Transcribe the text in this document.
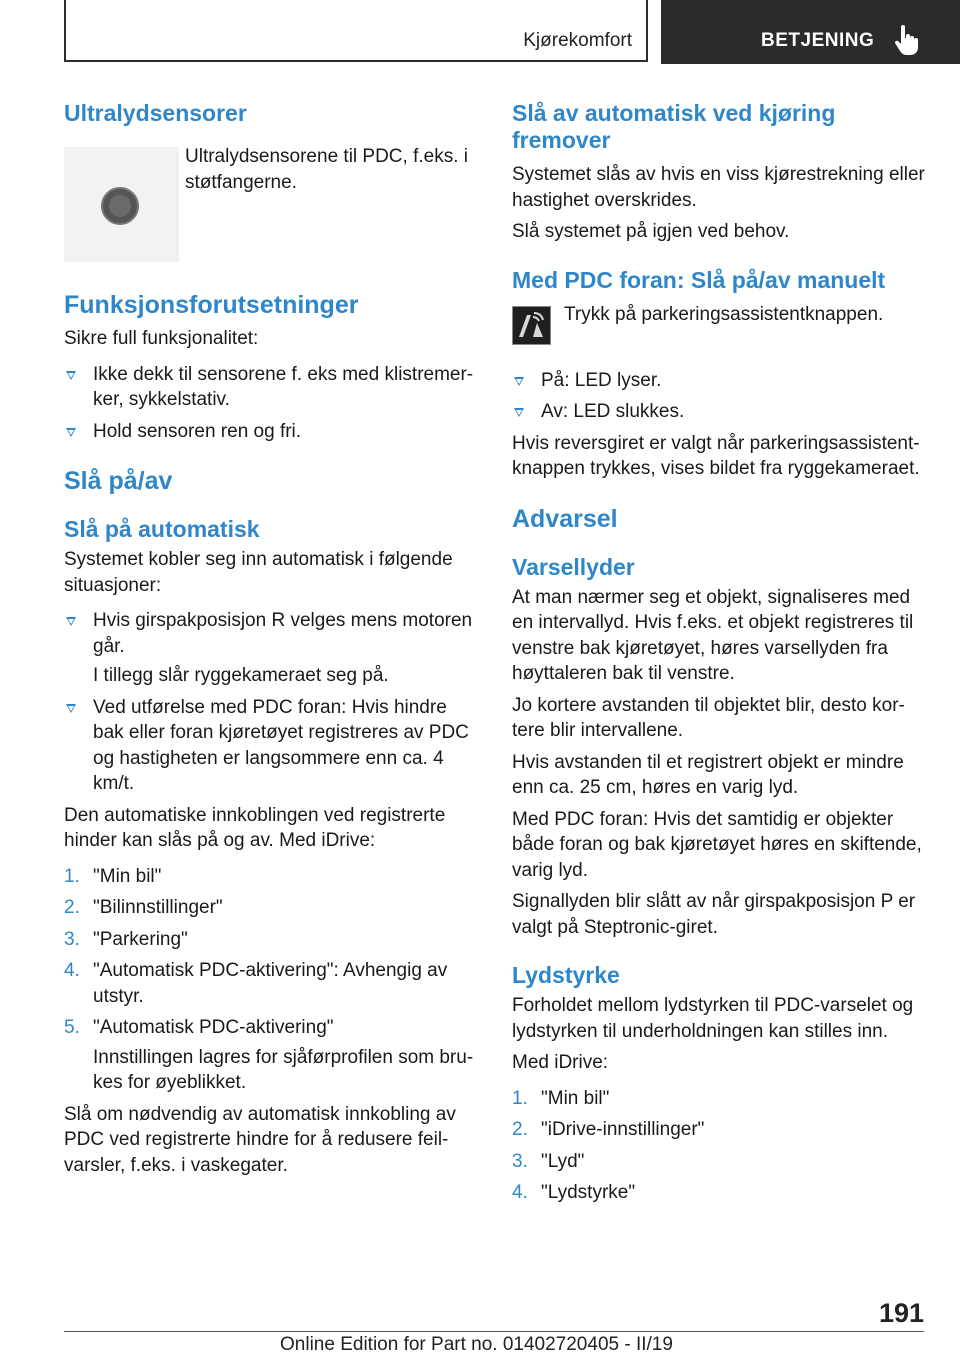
Kjørekomfort	BETJENING
Ultralydsensorer

Ultralydsensorene til PDC, f.eks. i støtfangerne.

Funksjonsforutsetninger

Sikre full funksjonalitet:

Ikke dekk til sensorene f. eks med klistremer-ker, sykkelstativ.
Hold sensoren ren og fri.
Slå på/av
Slå på automatisk

Systemet kobler seg inn automatisk i følgende situasjoner:

Hvis girspakposisjon R velges mens motoren går.
I tillegg slår ryggekameraet seg på.
Ved utførelse med PDC foran: Hvis hindre bak eller foran kjøretøyet registreres av PDC og hastigheten er langsommere enn ca. 4 km/t.

Den automatiske innkoblingen ved registrerte hinder kan slås på og av. Med iDrive:

1. "Min bil"
2. "Bilinnstillinger"
3. "Parkering"
4. "Automatisk PDC-aktivering": Avhengig av utstyr.
5. "Automatisk PDC-aktivering"
Innstillingen lagres for sjåførprofilen som bru-kes for øyeblikket.

Slå om nødvendig av automatisk innkobling av PDC ved registrerte hindre for å redusere feil-varsler, f.eks. i vaskegater.

Slå av automatisk ved kjøring fremover

Systemet slås av hvis en viss kjørestrekning eller hastighet overskrides.

Slå systemet på igjen ved behov.

Med PDC foran: Slå på/av manuelt
Trykk på parkeringsassistentknappen.
På: LED lyser.
Av: LED slukkes.

Hvis reversgiret er valgt når parkeringsassistent-knappen trykkes, vises bildet fra ryggekameraet.

Advarsel
Varsellyder

At man nærmer seg et objekt, signaliseres med en intervallyd. Hvis f.eks. et objekt registreres til venstre bak kjøretøyet, høres varsellyden fra høyttaleren bak til venstre.

Jo kortere avstanden til objektet blir, desto kor-tere blir intervallene.

Hvis avstanden til et registrert objekt er mindre enn ca. 25 cm, høres en varig lyd.

Med PDC foran: Hvis det samtidig er objekter både foran og bak kjøretøyet høres en skiftende, varig lyd.

Signallyden blir slått av når girspakposisjon P er valgt på Steptronic-giret.

Lydstyrke

Forholdet mellom lydstyrken til PDC-varselet og lydstyrken til underholdningen kan stilles inn.

Med iDrive:

1. "Min bil"
2. "iDrive-innstillinger"
3. "Lyd"
4. "Lydstyrke"
191
Online Edition for Part no. 01402720405 - II/19
